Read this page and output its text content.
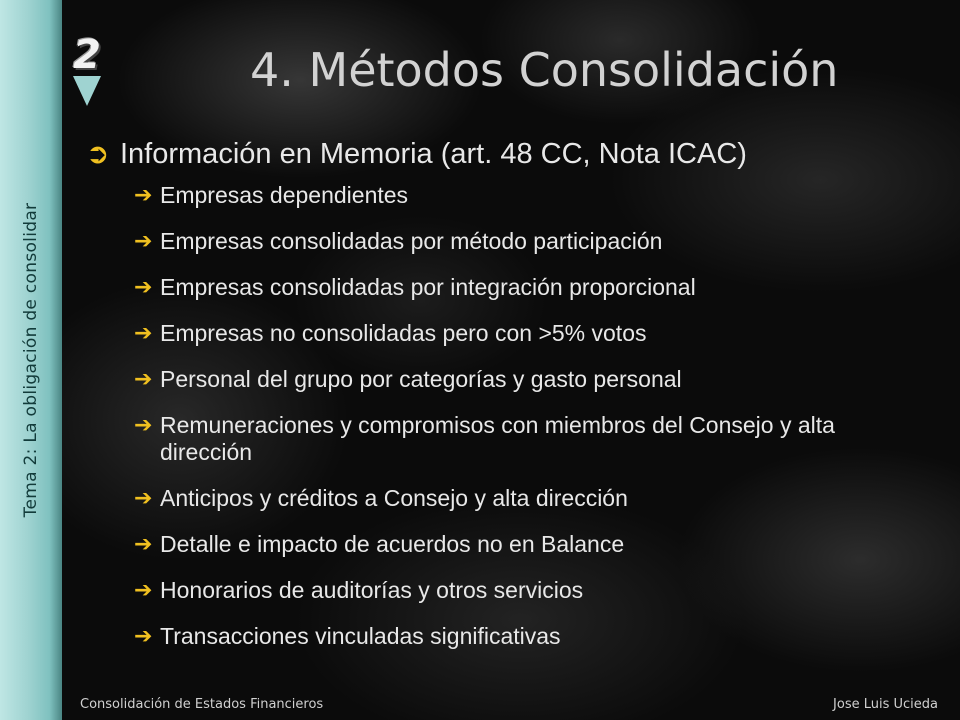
Tema 2: La obligación de consolidar
2	4. Métodos Consolidación
➲ Información en Memoria (art. 48 CC, Nota ICAC)
➔ Empresas dependientes
➔ Empresas consolidadas por método participación
➔ Empresas consolidadas por integración proporcional
➔ Empresas no consolidadas pero con >5% votos
➔ Personal del grupo por categorías y gasto personal
➔ Remuneraciones y compromisos con miembros del Consejo y alta dirección
➔ Anticipos y créditos a Consejo y alta dirección
➔ Detalle e impacto de acuerdos no en Balance
➔ Honorarios de auditorías y otros servicios
➔ Transacciones vinculadas significativas
Consolidación de Estados Financieros	Jose Luis Ucieda
